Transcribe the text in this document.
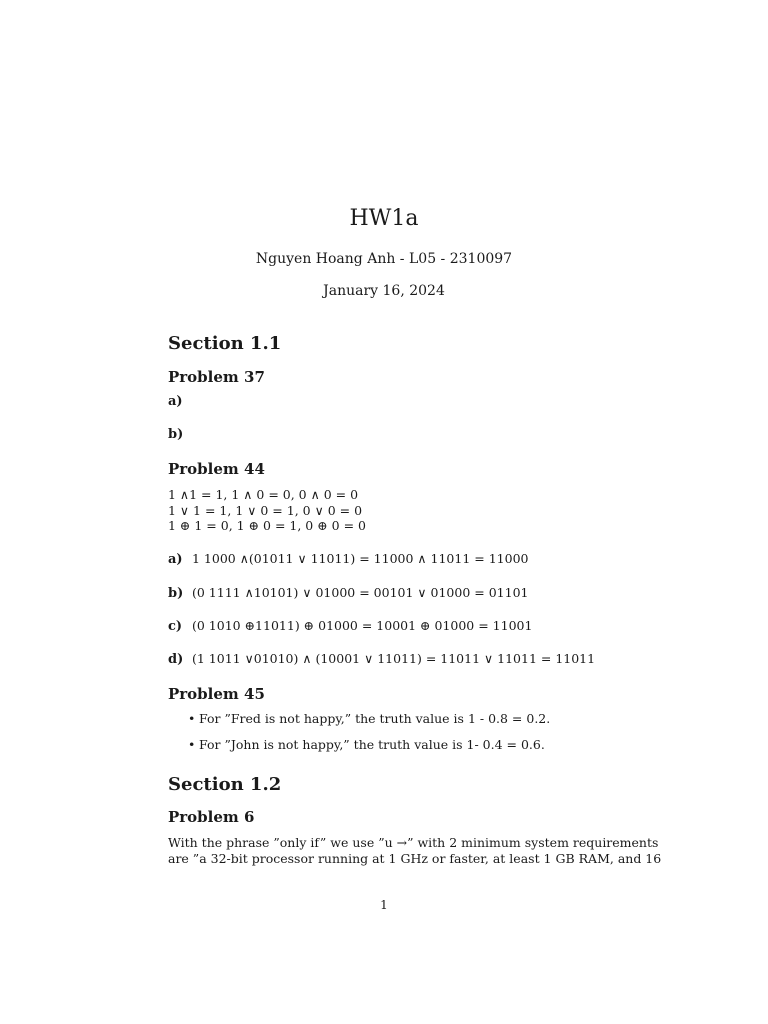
HW1a
Nguyen Hoang Anh - L05 - 2310097
January 16, 2024
Section 1.1
Problem 37
a)
b)
Problem 44
1 ∧1 = 1, 1 ∧ 0 = 0, 0 ∧ 0 = 0
1 ∨ 1 = 1, 1 ∨ 0 = 1, 0 ∨ 0 = 0
1 ⊕ 1 = 0, 1 ⊕ 0 = 1, 0 ⊕ 0 = 0
a) 1 1000 ∧(01011 ∨ 11011) = 11000 ∧ 11011 = 11000
b) (0 1111 ∧10101) ∨ 01000 = 00101 ∨ 01000 = 01101
c) (0 1010 ⊕11011) ⊕ 01000 = 10001 ⊕ 01000 = 11001
d) (1 1011 ∨01010) ∧ (10001 ∨ 11011) = 11011 ∨ 11011 = 11011
Problem 45
• For ”Fred is not happy,” the truth value is 1 - 0.8 = 0.2.
• For ”John is not happy,” the truth value is 1- 0.4 = 0.6.
Section 1.2
Problem 6
With the phrase ”only if” we use ”u →” with 2 minimum system requirements
are ”a 32-bit processor running at 1 GHz or faster, at least 1 GB RAM, and 16
1
